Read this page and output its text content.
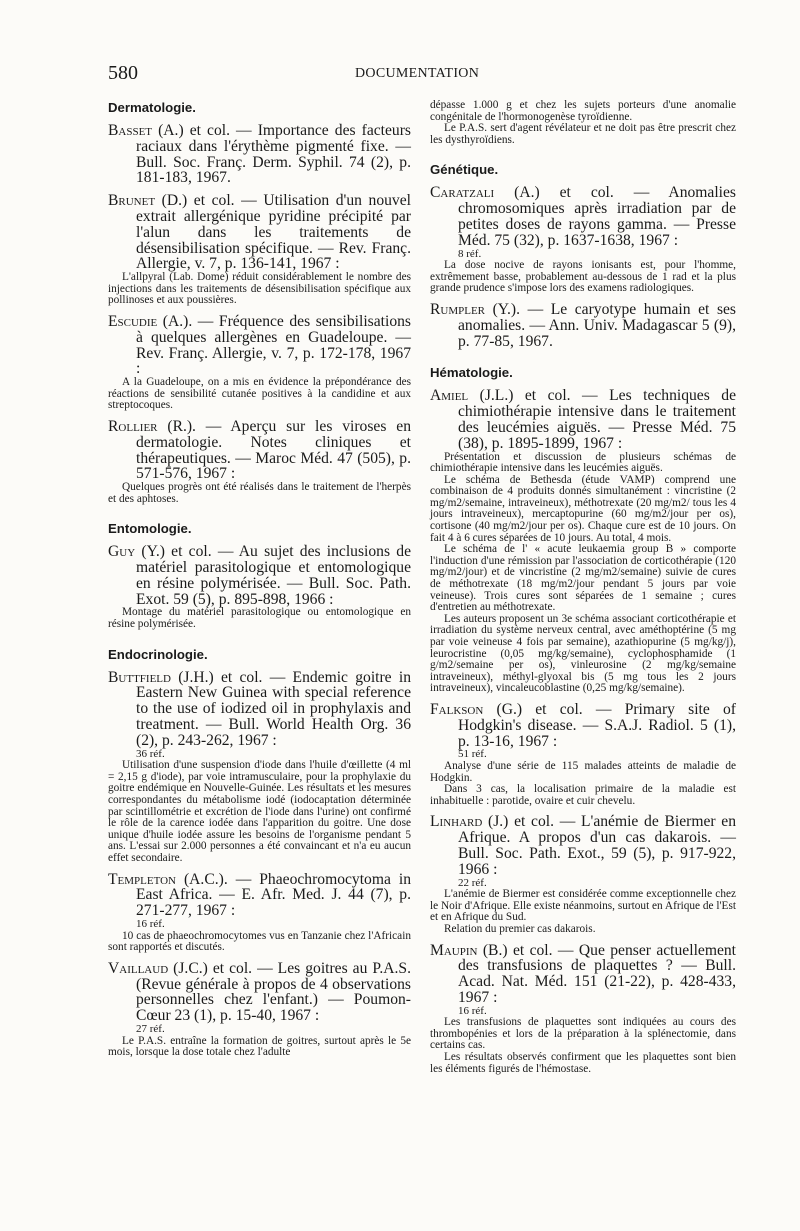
580	DOCUMENTATION
Dermatologie.

Basset (A.) et col. — Importance des facteurs raciaux dans l'érythème pigmenté fixe. — Bull. Soc. Franç. Derm. Syphil. 74 (2), p. 181-183, 1967.

Brunet (D.) et col. — Utilisation d'un nouvel extrait allergénique pyridine précipité par l'alun dans les traitements de désensibilisation spécifique. — Rev. Franç. Allergie, v. 7, p. 136-141, 1967 :

L'allpyral (Lab. Dome) réduit considérablement le nombre des injections dans les traitements de désensibilisation spécifique aux pollinoses et aux poussières.

Escudie (A.). — Fréquence des sensibilisations à quelques allergènes en Guadeloupe. — Rev. Franç. Allergie, v. 7, p. 172-178, 1967 :

A la Guadeloupe, on a mis en évidence la prépondérance des réactions de sensibilité cutanée positives à la candidine et aux streptocoques.

Rollier (R.). — Aperçu sur les viroses en dermatologie. Notes cliniques et thérapeutiques. — Maroc Méd. 47 (505), p. 571-576, 1967 :

Quelques progrès ont été réalisés dans le traitement de l'herpès et des aphtoses.

Entomologie.

Guy (Y.) et col. — Au sujet des inclusions de matériel parasitologique et entomologique en résine polymérisée. — Bull. Soc. Path. Exot. 59 (5), p. 895-898, 1966 :

Montage du matériel parasitologique ou entomologique en résine polymérisée.

Endocrinologie.

Buttfield (J.H.) et col. — Endemic goitre in Eastern New Guinea with special reference to the use of iodized oil in prophylaxis and treatment. — Bull. World Health Org. 36 (2), p. 243-262, 1967 :

36 réf.

Utilisation d'une suspension d'iode dans l'huile d'œillette (4 ml = 2,15 g d'iode), par voie intramusculaire, pour la prophylaxie du goitre endémique en Nouvelle-Guinée. Les résultats et les mesures correspondantes du métabolisme iodé (iodocaptation déterminée par scintillométrie et excrétion de l'iode dans l'urine) ont confirmé le rôle de la carence iodée dans l'apparition du goitre. Une dose unique d'huile iodée assure les besoins de l'organisme pendant 5 ans. L'essai sur 2.000 personnes a été convaincant et n'a eu aucun effet secondaire.

Templeton (A.C.). — Phaeochromocytoma in East Africa. — E. Afr. Med. J. 44 (7), p. 271-277, 1967 :

16 réf.

10 cas de phaeochromocytomes vus en Tanzanie chez l'Africain sont rapportés et discutés.

Vaillaud (J.C.) et col. — Les goitres au P.A.S. (Revue générale à propos de 4 observations personnelles chez l'enfant.) — Poumon-Cœur 23 (1), p. 15-40, 1967 :

27 réf.

Le P.A.S. entraîne la formation de goitres, surtout après le 5e mois, lorsque la dose totale chez l'adulte

dépasse 1.000 g et chez les sujets porteurs d'une anomalie congénitale de l'hormonogenèse tyroïdienne.

Le P.A.S. sert d'agent révélateur et ne doit pas être prescrit chez les dysthyroïdiens.

Génétique.

Caratzali (A.) et col. — Anomalies chromosomiques après irradiation par de petites doses de rayons gamma. — Presse Méd. 75 (32), p. 1637-1638, 1967 :

8 réf.

La dose nocive de rayons ionisants est, pour l'homme, extrêmement basse, probablement au-dessous de 1 rad et la plus grande prudence s'impose lors des examens radiologiques.

Rumpler (Y.). — Le caryotype humain et ses anomalies. — Ann. Univ. Madagascar 5 (9), p. 77-85, 1967.

Hématologie.

Amiel (J.L.) et col. — Les techniques de chimiothérapie intensive dans le traitement des leucémies aiguës. — Presse Méd. 75 (38), p. 1895-1899, 1967 :

Présentation et discussion de plusieurs schémas de chimiothérapie intensive dans les leucémies aiguës.

Le schéma de Bethesda (étude VAMP) comprend une combinaison de 4 produits donnés simultanément : vincristine (2 mg/m2/semaine, intraveineux), méthotrexate (20 mg/m2/ tous les 4 jours intraveineux), mercaptopurine (60 mg/m2/jour per os), cortisone (40 mg/m2/jour per os). Chaque cure est de 10 jours. On fait 4 à 6 cures séparées de 10 jours. Au total, 4 mois.

Le schéma de l' « acute leukaemia group B » comporte l'induction d'une rémission par l'association de corticothérapie (120 mg/m2/jour) et de vincristine (2 mg/m2/semaine) suivie de cures de méthotrexate (18 mg/m2/jour pendant 5 jours par voie veineuse). Trois cures sont séparées de 1 semaine ; cures d'entretien au méthotrexate.

Les auteurs proposent un 3e schéma associant corticothérapie et irradiation du système nerveux central, avec améthoptérine (5 mg par voie veineuse 4 fois par semaine), azathiopurine (5 mg/kg/j), leurocristine (0,05 mg/kg/semaine), cyclophosphamide (1 g/m2/semaine per os), vinleurosine (2 mg/kg/semaine intraveineux), méthyl-glyoxal bis (5 mg tous les 2 jours intraveineux), vincaleucoblastine (0,25 mg/kg/semaine).

Falkson (G.) et col. — Primary site of Hodgkin's disease. — S.A.J. Radiol. 5 (1), p. 13-16, 1967 :

51 réf.

Analyse d'une série de 115 malades atteints de maladie de Hodgkin.

Dans 3 cas, la localisation primaire de la maladie est inhabituelle : parotide, ovaire et cuir chevelu.

Linhard (J.) et col. — L'anémie de Biermer en Afrique. A propos d'un cas dakarois. — Bull. Soc. Path. Exot., 59 (5), p. 917-922, 1966 :

22 réf.

L'anémie de Biermer est considérée comme exceptionnelle chez le Noir d'Afrique. Elle existe néanmoins, surtout en Afrique de l'Est et en Afrique du Sud.

Relation du premier cas dakarois.

Maupin (B.) et col. — Que penser actuellement des transfusions de plaquettes ? — Bull. Acad. Nat. Méd. 151 (21-22), p. 428-433, 1967 :

16 réf.

Les transfusions de plaquettes sont indiquées au cours des thrombopénies et lors de la préparation à la splénectomie, dans certains cas.

Les résultats observés confirment que les plaquettes sont bien les éléments figurés de l'hémostase.
